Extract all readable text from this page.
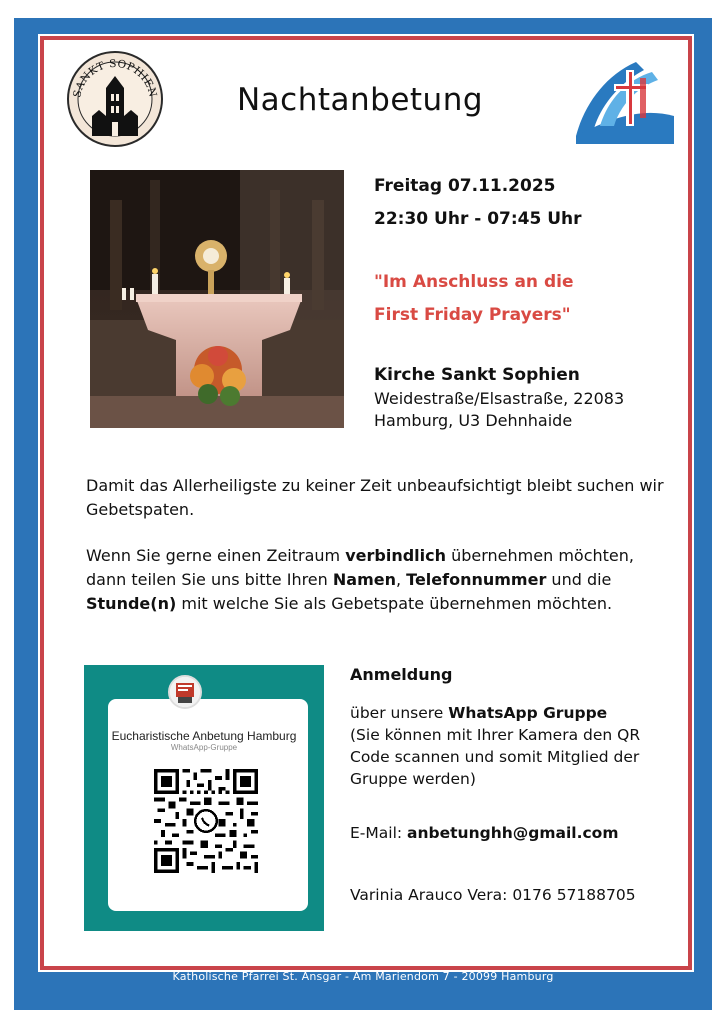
SANKT SOPHIEN	Nachtanbetung
Freitag 07.11.2025
22:30 Uhr - 07:45 Uhr
"Im Anschluss an die
First Friday Prayers"
Kirche Sankt Sophien
Weidestraße/Elsastraße, 22083
Hamburg, U3 Dehnhaide

Damit das Allerheiligste zu keiner Zeit unbeaufsichtigt bleibt suchen wir Gebetspaten.

Wenn Sie gerne einen Zeitraum verbindlich übernehmen möchten, dann teilen Sie uns bitte Ihren Namen, Telefonnummer und die Stunde(n) mit welche Sie als Gebetspate übernehmen möchten.

Eucharistische Anbetung Hamburg
WhatsApp-Gruppe
Anmeldung

über unsere WhatsApp Gruppe
(Sie können mit Ihrer Kamera den QR Code scannen und somit Mitglied der Gruppe werden)

E-Mail: anbetunghh@gmail.com

Varinia Arauco Vera: 0176 57188705

Katholische Pfarrei St. Ansgar - Am Mariendom 7 - 20099 Hamburg
